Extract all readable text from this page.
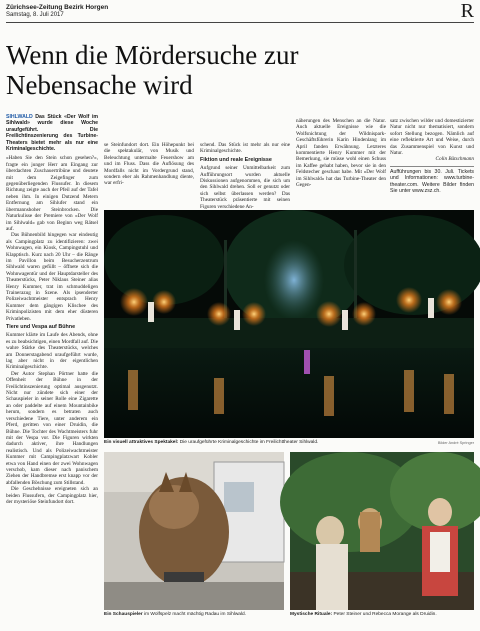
Zürichsee-Zeitung Bezirk Horgen
Samstag, 8. Juli 2017	R
Wenn die Mördersuche zur Nebensache wird

SIHLWALD Das Stück «Der Wolf im Sihlwald» wurde diese Woche uraufgeführt. Die Freilichtinszenierung des Turbine-Theaters bietet mehr als nur eine Kriminalgeschichte.

«Haben Sie den Stein schon gesehen?», fragte ein junger Herr am Eingang zur überdachten Zuschauertribüne und deutete mit dem Zeigefinger zum gegenüberliegenden Flussufer. In diesem Richtung zeigte auch der Pfeil auf der Tafel neben ihm. In einigen Dutzend Metern Entfernung am Sihlufer stand ein übermannshoher Steinbrocken. Die Naturkulisse der Premiere von «Der Wolf im Sihlwald» gab von Beginn weg Rätsel auf.

Das Bühnenbild hingegen war eindeutig als Campingplatz zu identifizieren: zwei Wohnwagen, ein Kiosk, Campingstuhl und Klapptisch. Kurz nach 20 Uhr – die Ränge im Pavillon beim Besucherzentrum Sihlwald waren gefüllt – öffnete sich die Wohnwagentür und der Hauptdarsteller des Theaterstücks, Peter Niklaus Steiner alias Henry Kummer, trat im schmuddeligen Trainerazug in Szene. Als ipsenderter Polizeiwachtmeister entsprach Henry Kummer dem gängigen Klischee des Kriminpolizisten mit dem eher düsteren Privatleben.

Tiere und Vespa auf Bühne

Kummer klärte im Laufe des Abends, ohne es zu beabsichtigen, einen Mordfall auf. Die wahre Stärke des Theaterstücks, welches am Donnerstagabend uraufgeführt wurde, lag aber nicht in der eigentlichen Kriminalgeschichte.

Der Autor Stephan Pörtner hatte die Offenheit der Bühne in der Freilichtinszenierung optimal ausgenutzt. Nicht nur zündete sich einer der Schauspieler in seiner Rolle eine Zigarette an oder paddelte auf einem Mountainbike herum, sondern es betraten auch verschiedene Tiere, unter anderem ein Pferd, geritten von einer Druidin, die Bühne. Die Tochter des Wachtmeisters fuhr mit der Vespa vor. Die Figuren wirkten dadurch aktiver, ihre Handlungen realistisch. Und als Polizeiwachtmeister Kummer mit Campingplatzwart Kobler etwa von Hand einen der zwei Wohnwagen verschob, kam dieser nach panischem Ziehen der Handbremse erst knapp vor der abfallenden Böschung zum Stillstand.

Die Geschehnisse ereigneten sich an beiden Flussufern, der Campingplatz hier, der mysteriöse Steinfundort dort.

se Steinfundort dort. Ein Höhepunkt bei die spektakulär, von Musik und Beleuchtung untermalte Feuershow am und im Fluss. Dass die Auflösung des Mordfalls nicht im Vordergrund stand, sondern eher als Rahmenhandlung diente, war erfri-

schend. Das Stück ist mehr als nur eine Kriminalgeschichte.

Fiktion und reale Ereignisse

Aufgrund seiner Unmittelbarkeit zum Aufführungsort wurden aktuelle Diskussionen aufgenommen, die sich um den Sihlwald drehen. Soll er genutzt oder sich selbst überlassen werden? Das Theaterstück präsentierte mit seinen Figuren verschiedene An-

näherungen des Menschen an die Natur. Auch aktuelle Ereignisse wie die Wolfsnichtung der Wildnispark-Geschäftsführerin Karin Hindenlang im April fanden Erwähnung. Letzteres kommentierte Henry Kummer mit der Bemerkung, sie müsse wohl einen Schuss im Kaffee gehabt haben, bevor sie in den Feldstecher geschaut habe. Mit «Der Wolf im Sihlwald» hat das Turbine-Theater den Gegen-

satz zwischen wilder und domestizierter Natur nicht nur thematisiert, sondern sofort Stellung bezogen. Nämlich auf eine reflektierte Art und Weise, durch das Zusammenspiel von Kunst und Natur.

Colin Bätschmann

Aufführungen bis 30. Juli. Tickets und Informationen: www.turbine-theater.com. Weitere Bilder finden Sie unter www.zsz.ch.

Ein visuell attraktives Spektakel: Die uraufgeführte Kriminalgeschichte im Freilichttheater Sihlwald.	Bilder André Springer
Ein Schauspieler im Wolfspelz macht mächtig Radau im Sihlwald.	Mystische Rituale: Peter Steiner und Rebecca Morange als Druidin.
